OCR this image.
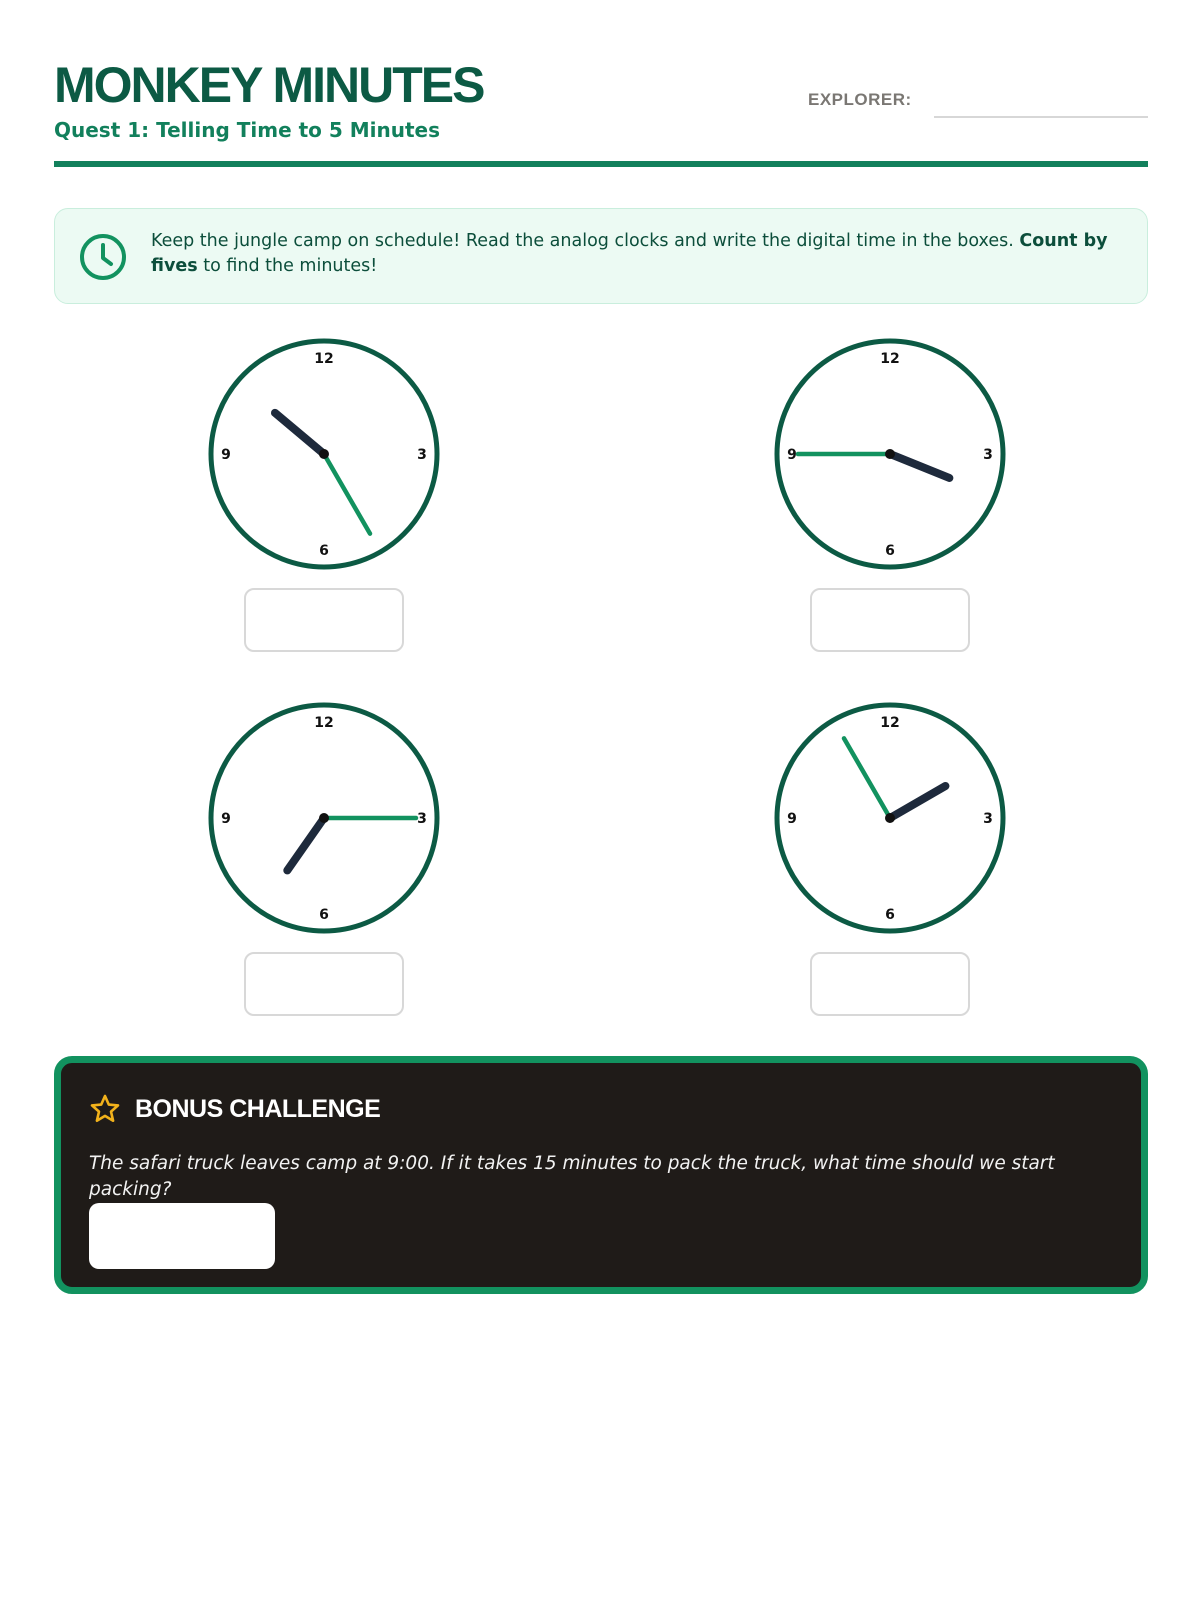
MONKEY MINUTES
Quest 1: Telling Time to 5 Minutes
EXPLORER:

Keep the jungle camp on schedule! Read the analog clocks and write the digital time in the boxes. Count by fives to find the minutes!

12
3
6
9
12
3
6
9
12
3
6
9
12
3
6
9
BONUS CHALLENGE
The safari truck leaves camp at 9:00. If it takes 15 minutes to pack the truck, what time should we start packing?
